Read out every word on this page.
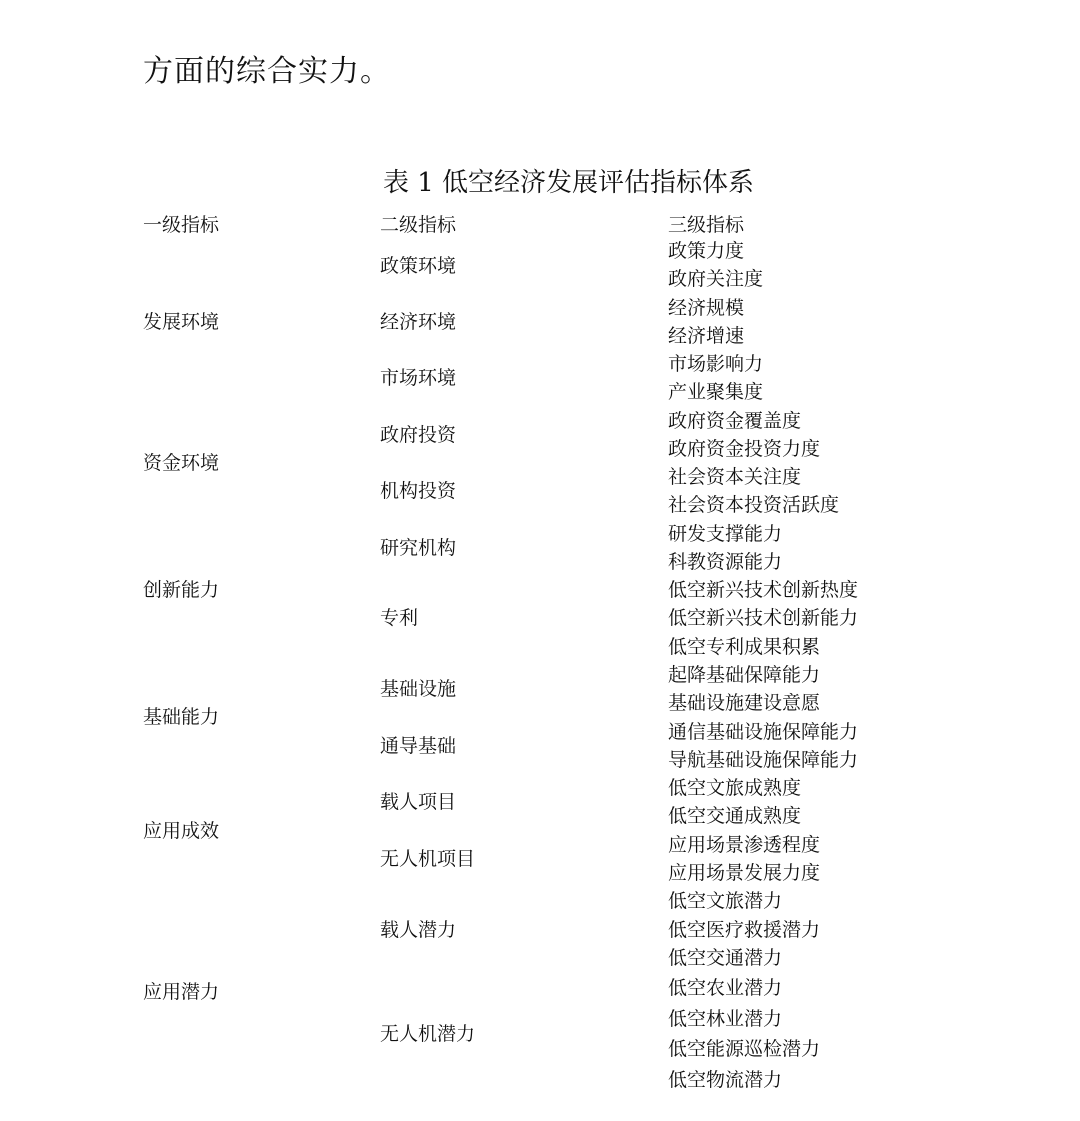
方面的综合实力。

表 1 低空经济发展评估指标体系
一级指标	二级指标	三级指标
发展环境
资金环境
创新能力
基础能力
应用成效
应用潜力
政策环境
经济环境
市场环境
政府投资
机构投资
研究机构
专利
基础设施
通导基础
载人项目
无人机项目
载人潜力
无人机潜力
政策力度
政府关注度
经济规模
经济增速
市场影响力
产业聚集度
政府资金覆盖度
政府资金投资力度
社会资本关注度
社会资本投资活跃度
研发支撑能力
科教资源能力
低空新兴技术创新热度
低空新兴技术创新能力
低空专利成果积累
起降基础保障能力
基础设施建设意愿
通信基础设施保障能力
导航基础设施保障能力
低空文旅成熟度
低空交通成熟度
应用场景渗透程度
应用场景发展力度
低空文旅潜力
低空医疗救援潜力
低空交通潜力
低空农业潜力
低空林业潜力
低空能源巡检潜力
低空物流潜力
